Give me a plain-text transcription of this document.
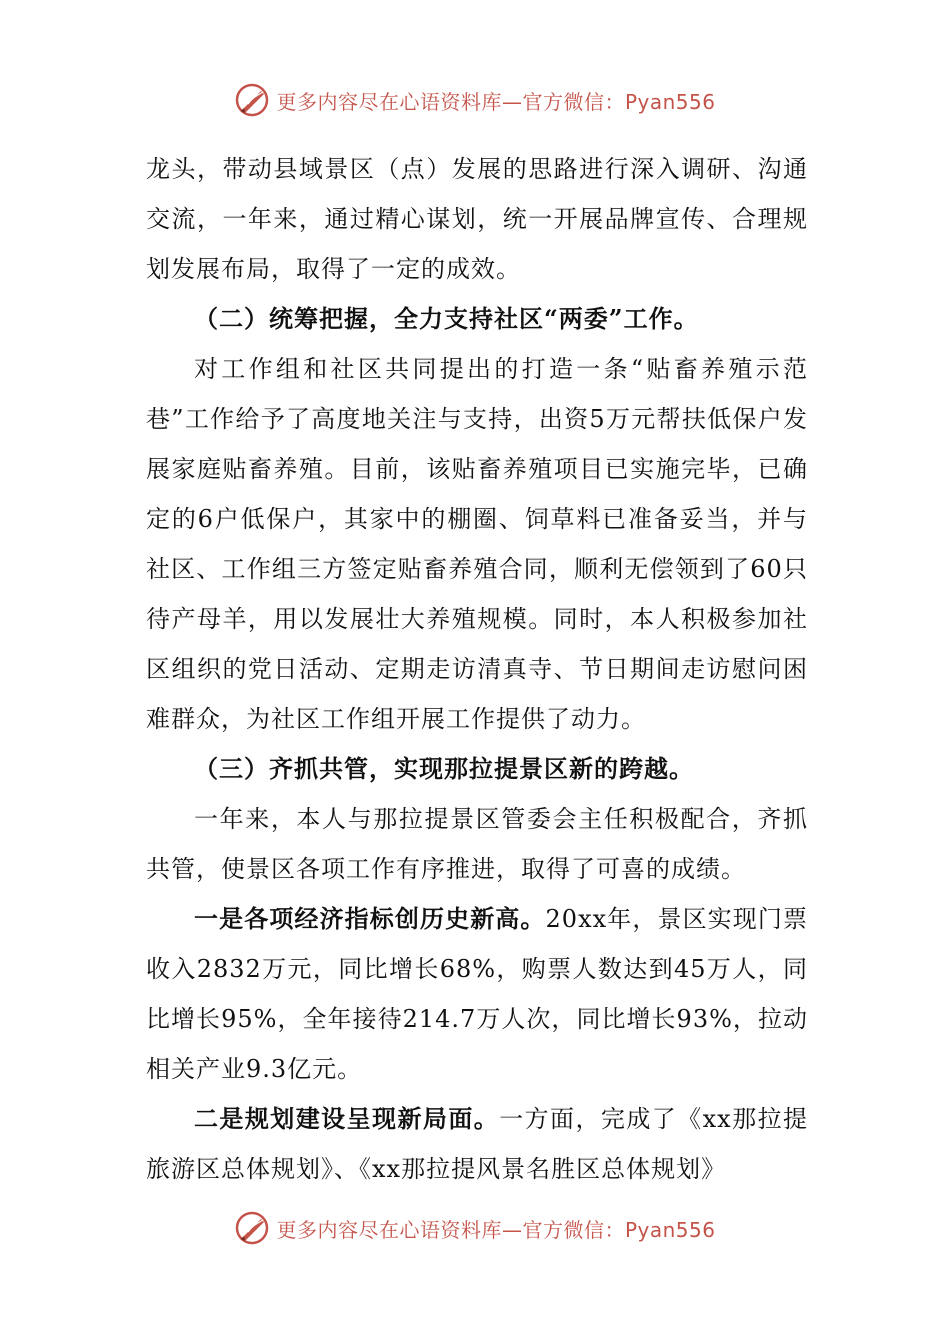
更多内容尽在心语资料库—官方微信：Pyan556

龙头，带动县域景区（点）发展的思路进行深入调研、沟通交流，一年来，通过精心谋划，统一开展品牌宣传、合理规划发展布局，取得了一定的成效。

（二）统筹把握，全力支持社区“两委”工作。

对工作组和社区共同提出的打造一条“贴畜养殖示范巷”工作给予了高度地关注与支持，出资5万元帮扶低保户发展家庭贴畜养殖。目前，该贴畜养殖项目已实施完毕，已确定的6户低保户，其家中的棚圈、饲草料已准备妥当，并与社区、工作组三方签定贴畜养殖合同，顺利无偿领到了60只待产母羊，用以发展壮大养殖规模。同时，本人积极参加社区组织的党日活动、定期走访清真寺、节日期间走访慰问困难群众，为社区工作组开展工作提供了动力。

（三）齐抓共管，实现那拉提景区新的跨越。

一年来，本人与那拉提景区管委会主任积极配合，齐抓共管，使景区各项工作有序推进，取得了可喜的成绩。

一是各项经济指标创历史新高。20xx年，景区实现门票收入2832万元，同比增长68%，购票人数达到45万人，同比增长95%，全年接待214.7万人次，同比增长93%，拉动相关产业9.3亿元。

二是规划建设呈现新局面。一方面，完成了《xx那拉提旅游区总体规划》、《xx那拉提风景名胜区总体规划》

更多内容尽在心语资料库—官方微信：Pyan556
